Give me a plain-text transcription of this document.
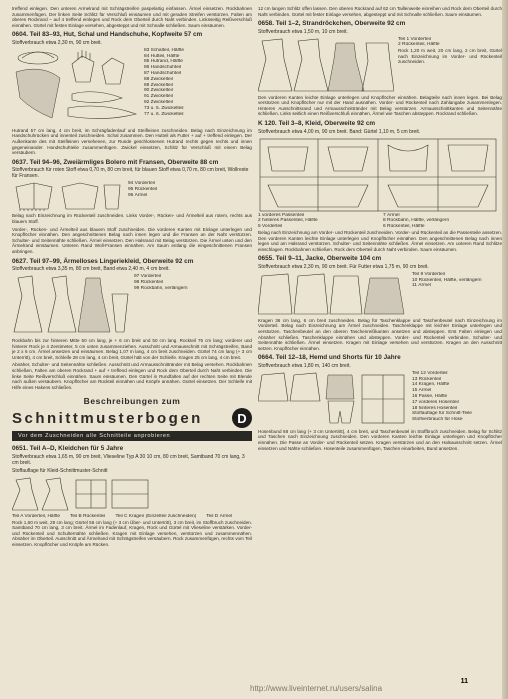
treffend einlegen. Den unteren Armelrand mit Schrägstreifen paspelartig einfassen. Ärmel einsetzen. Rockbahnen zusammenfügen. Der linken Seite Schlitz für Verschluß einsäumen und mit geraden Streifen verstürzen. Falten am oberen Rockrand – auf 4 treffend einlegen und Rock dem Oberteil durch Naht verbinden. Linksseitig Reißverschluß einnähen. Gürtel mit festen Einlage versehen, abgesteppt und mit Schnalle schließen. Saum einsäumen.

0604. Teil 83–93, Hut, Schal und Handschuhe, Kopfweite 57 cm
Stoffverbrauch etwa 2,30 m, 90 cm breit.
83 Schalteil, Hälfte
84 Hutteil, Hälfte
85 Hutrand, Hälfte
86 Handschuhteil
87 Handschuhteil
88 Zwickelteil
89 Zwickelteil
90 Zwickelteil
91 Zwickelteil
92 Zwickelteil
73 u. 5. Zwickelteil
77 u. 6. Zwickelteil

Hutrand 57 cm lang, 4 cm breit, im Schrägfadenlauf und Steifleinen zuschneiden. Belag nach Einzeichnung im Handschuhrücken und innenteil zuschneiden. Schal zusammen. Den Hutteil als Futter + auf + treffend einlegen. Der Außenkante des mit Steifleinen versehenen, zur Runde geschlossenen Hutrand rechts gegen rechts und innen gegeneinander. Handschuhteile zusammenfügen. Zwickel einsetzen, Schlitz für Verschluß mit einem Belag versäubern.

0637. Teil 94–96, Zweiärmliges Bolero mit Fransen, Oberweite 88 cm
Stoffverbrauch für roten Stoff etwa 0,70 m, 80 cm breit, für blauen Stoff etwa 0,70 m, 80 cm breit, Wollreste für Fransen.
94 Vorderteil
95 Rückenteil
96 Ärmel

Belag nach Einzeichnung im Rückenteil zuschneiden. Links Vorder-, Rücken- und Ärmelteil aus rotem, rechts aus blauem Stoff.

Vorder-, Rücken- und Ärmelteil aus blauem Stoff zuschneiden. Die vorderen Kanten mit Einlage unterlegen und Knopflöcher einnähen. Den angeschnittenen Belag nach innen legen und die Fransen an der Naht verstürzen. Schulter- und Seitennähte schließen. Ärmel einsetzen. Den Halsrand mit Belag verstürzen. Die Ärmel unten und den Ärmelrand einsäumen. Unteren Rand Woll-Fransen einnähen. Am Saum entlang die eingeschnittenen Fransen anbringen.

0627. Teil 97–99, Ärmelloses Lingeriekleid, Oberweite 92 cm
Stoffverbrauch etwa 3,35 m, 80 cm breit, Band etwa 2,40 m, 4 cm breit.
97 Vorderteil
98 Rückenteil
99 Rockbahn, verlängern

Rockbahn bis zur hinteren Mitte 50 cm lang, je + 6 cm breit und 50 cm lang. Rockteil 75 cm lang; vorderer und hinterer Rock je 4 Zentimeter, 5 cm unten zusammenziehen. Ausschnitt und Armausschnitt mit Schrägstreifen, Band je 2 x 6 cm. Ärmel ansetzen und einsäumen. Belag 1,07 m lang, 4 cm breit zuschneiden. Gürtel 74 cm lang (+ 3 cm Unterritt), 4 cm breit, Schleife 28 cm lang, 4 cm breit, Gürtel hält von der Schleife. Kragen 25 cm lang, 4 cm breit.

Abnäher, Schulter- und Seitennähte schließen. Ausschnitt und Armausschnittränder mit Belag versehen. Rockbahnen schließen, Falten am oberen Rockrand + auf + treffend einlegen und Rock dem Oberteil durch Naht verbinden. Die linke Seite Reißverschluß einnähen. Saum einsäumen. Den Gürtel in Rundfalten auf der rechten Seite mit Blende nach außen versäubern. Knopflöcher am Rückteil einnähen und Knöpfe annähen. Gürtel einsetzen. Der Schleife mit Hilfe eines Hakens schließen.

Beschreibungen zum
Schnittmusterbogen	D
Vor dem Zuschneiden alle Schnitteile anprobieren
0651. Teil A–D, Kleidchen für 5 Jahre
Stoffverbrauch etwa 1,65 m, 90 cm breit, Vlieseline Typ A 30 10 cm, 80 cm breit, Samtband 70 cm lang, 3 cm breit.
Stoffauflage für Kleid-Schnittmuster-Schnitt
Teil A Vorderteil, Hälfte Teil B Rückenteil Teil C Kragen (Einzelteil zuschneiden) Teil D Ärmel

Rock 1,60 m weit, 28 cm lang; Gürtel 56 cm lang (+ 3 cm Über- und Untertritt), 3 cm breit, im Stoffbruch zuschneiden. Samtband 70 cm lang, 3 cm breit. Ärmel im Fadenlauf, Kragen, Rock und Gürtel mit Vlieseline verstärken. Vorder- und Rückenteil und Schulternähte schließen. Kragen mit Einlage versehen, verstürzen und zusammennähen. Abnäher im Oberteil. Ausschnitt und Ärmelrand mit Schrägstreifen versäubern. Rock zusammenfügen, rechts vom Teil einsetzen. Knopflöcher und Knöpfe am Rücken.

12 cm langen Schlitz offen lassen. Den oberen Rockrand auf 62 cm Taillenweite einreihen und Rock dem Oberteil durch Naht verbinden. Gürtel mit fester Einlage versehen, abgesteppt und mit Schnalle schließen. Saum einsäumen.

0658. Teil 1–2, Strandröckchen, Oberweite 92 cm
Stoffverbrauch etwa 1,50 m, 10 cm breit.
Teil 1 Vorderteil
2 Rückenteil, Hälfte

Rock 1,20 m weit, 20 cm lang, 2 cm breit, Gürtel nach Einzeichnung im Vorder- und Rückenteil zuschneiden.

Den vorderen Kanten leichte Einlage unterlegen und Knopflöcher einnähen. Belagteile nach innen legen. Bei Belag verstürzen und Knopflöcher nur mit der Hand ausnähen. Vorder- und Rückenteil nach Zahlangabe zusammenlegen. Hinteren Ausschnittsrand und Armausschnittränder mit Belag verstürzen. Armausschnittkanten und Seitennähte schließen. Links seitlich einen Reißverschluß einnähen, Ärmel wie Taschen absteppen. Rockrand schließen.

K 120. Teil 3–8, Kleid, Oberweite 92 cm
Stoffverbrauch etwa 4,00 m, 90 cm breit. Band: Gürtel 1,10 m, 5 cm breit.
1 vorderes Passenteil	7 Ärmel
2 hinteres Passenteil, Hälfte	8 Rockbahn, Hälfte, verlängern
5 Vorderteil	6 Rückenteil, Hälfte

Belag nach Einzeichnung am Vorder- und Rückenteil zuschneiden. Vorder- und Rückenteil an die Passenteile ansetzen. Den vorderen Kanten leichte Einlage unterlegen und Knopflöcher einnähen. Den angeschnittenen Belag nach innen legen und am Halsrand verstürzen. Schulter- und Seitennähte schließen. Ärmel einsetzen. Am unteren Rand Schlitze einschlagen. Rockbahnen schließen. Rock dem Oberteil durch Naht verbinden. Saum einsäumen.

0655. Teil 9–11, Jacke, Oberweite 104 cm
Stoffverbrauch etwa 2,30 m, 90 cm breit. Für Futter etwa 1,75 m, 90 cm breit.
Teil 9 Vorderteil
10 Rückenteil, Hälfte, verlängern
11 Ärmel

Kragen 36 cm lang, 6 cm breit zuschneiden. Belag für Taschenklappe und Taschenbeutel nach Einzeichnung im Vorderteil. Belag nach Einzeichnung am Ärmel zuschneiden. Taschenklappe mit leichter Einlage unterlegen und verstürzen. Taschenbeutel an den oberen Taschenreißkanten ansetzen und absteppen. Erst Falten einlegen und Abnäher schließen. Taschenklappe einnähen und absteppen. Vorder- und Rückenteil verbinden. Schulter- und Seitennähte schließen. Ärmel einsetzen. Kragen mit Einlage versehen und verstürzen. Kragen an den Ausschnitt setzen. Knopflöcher einnähen.

0664. Teil 12–18, Hemd und Shorts für 10 Jahre
Stoffverbrauch etwa 1,80 m, 140 cm breit.
Teil 12 Vorderteil
13 Rückenteil
14 Kragen, Hälfte
15 Ärmel
16 Passe, Hälfte
17 vorderes Hosenteil
18 hinteres Hosenteil
Stoffauflage für Schnitt-Teile
Stoffverbrauch für Hose

Hosenbund 68 cm lang (+ 3 cm Untertritt), 4 cm breit, und Taschenbeutel im Stoffbruch zuschneiden. Belag für Schlitz und Taschen nach Einzeichnung zuschneiden. Den vorderen Kanten leichte Einlage unterlegen und Knopflöcher einnähen. Die Passe an Vorder- und Rückenteil setzen. Kragen verstürzen und an den Halsausschnitt setzen. Ärmel einsetzen und Nähte schließen. Hosenteile zusammenfügen, Taschen einarbeiten, Bund ansetzen.

http://www.liveinternet.ru/users/salina
11
